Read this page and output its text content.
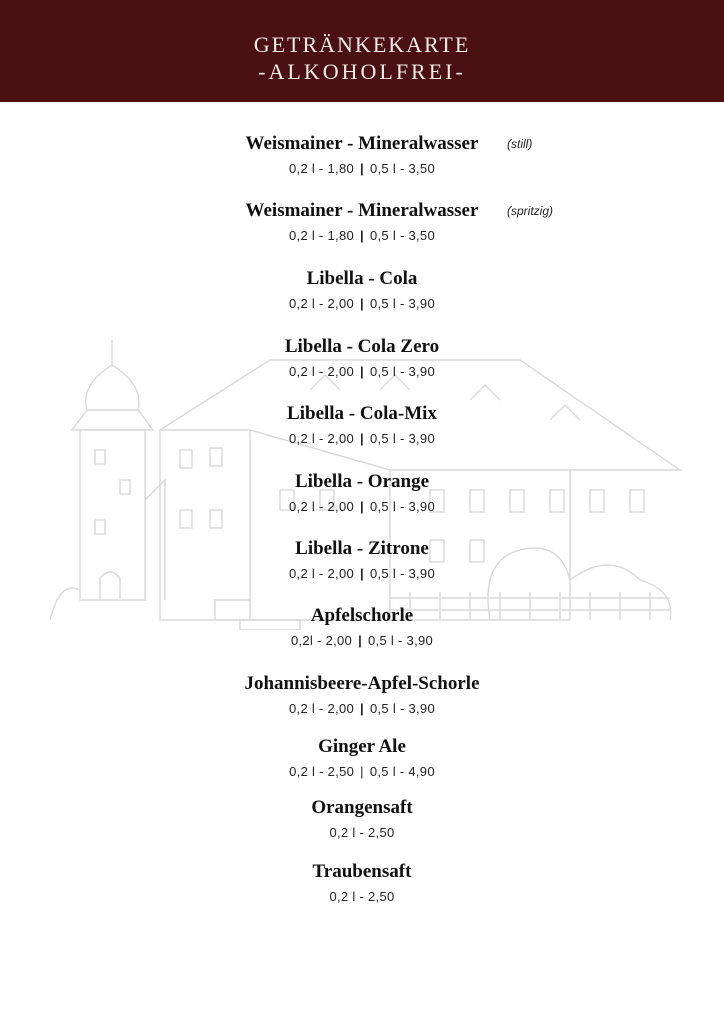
GETRÄNKEKARTE
-ALKOHOLFREI-
Weismainer - Mineralwasser	(still)
0,2 l - 1,80 | 0,5 l - 3,50
Weismainer - Mineralwasser	(spritzig)
0,2 l - 1,80 | 0,5 l - 3,50
Libella - Cola
0,2 l - 2,00 | 0,5 l - 3,90
Libella - Cola Zero
0,2 l - 2,00 | 0,5 l - 3,90
Libella - Cola-Mix
0,2 l - 2,00 | 0,5 l - 3,90
Libella - Orange
0,2 l - 2,00 | 0,5 l - 3,90
Libella - Zitrone
0,2 l - 2,00 | 0,5 l - 3,90
Apfelschorle
0,2l - 2,00 | 0,5 l - 3,90
Johannisbeere-Apfel-Schorle
0,2 l - 2,00 | 0,5 l - 3,90
Ginger Ale
0,2 l - 2,50 | 0,5 l - 4,90
Orangensaft
0,2 l - 2,50
Traubensaft
0,2 l - 2,50
